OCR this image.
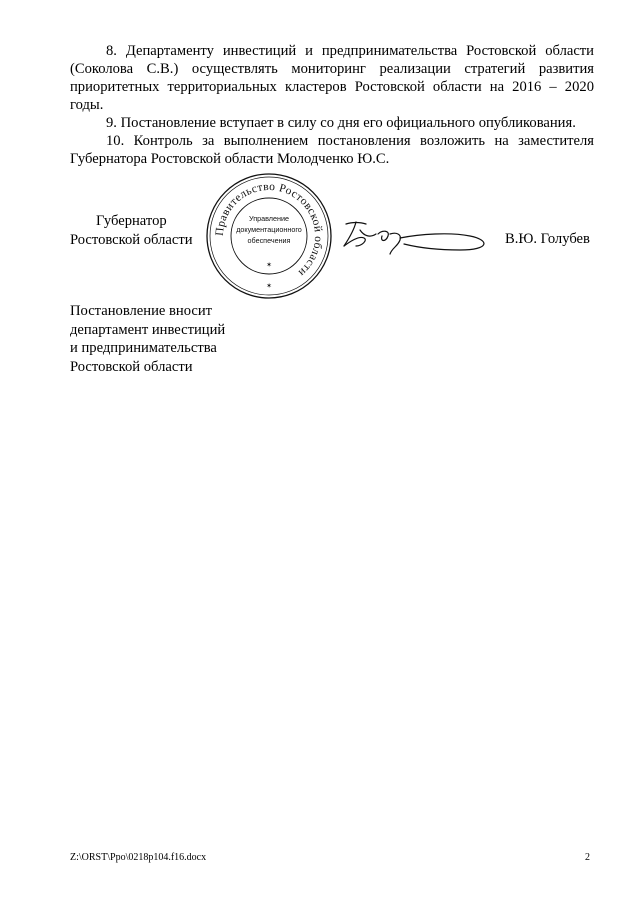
8. Департаменту инвестиций и предпринимательства Ростовской области (Соколова С.В.) осуществлять мониторинг реализации стратегий развития приоритетных территориальных кластеров Ростовской области на 2016 – 2020 годы.

9. Постановление вступает в силу со дня его официального опубликования.

10. Контроль за выполнением постановления возложить на заместителя Губернатора Ростовской области Молодченко Ю.С.

Губернатор
Ростовской области
Правительство Ростовской области
Управление
документационного
обеспечения
✶
✶
В.Ю. Голубев
Постановление вносит
департамент инвестиций
и предпринимательства
Ростовской области
Z:\ORST\Ppo\0218p104.f16.docx	2
